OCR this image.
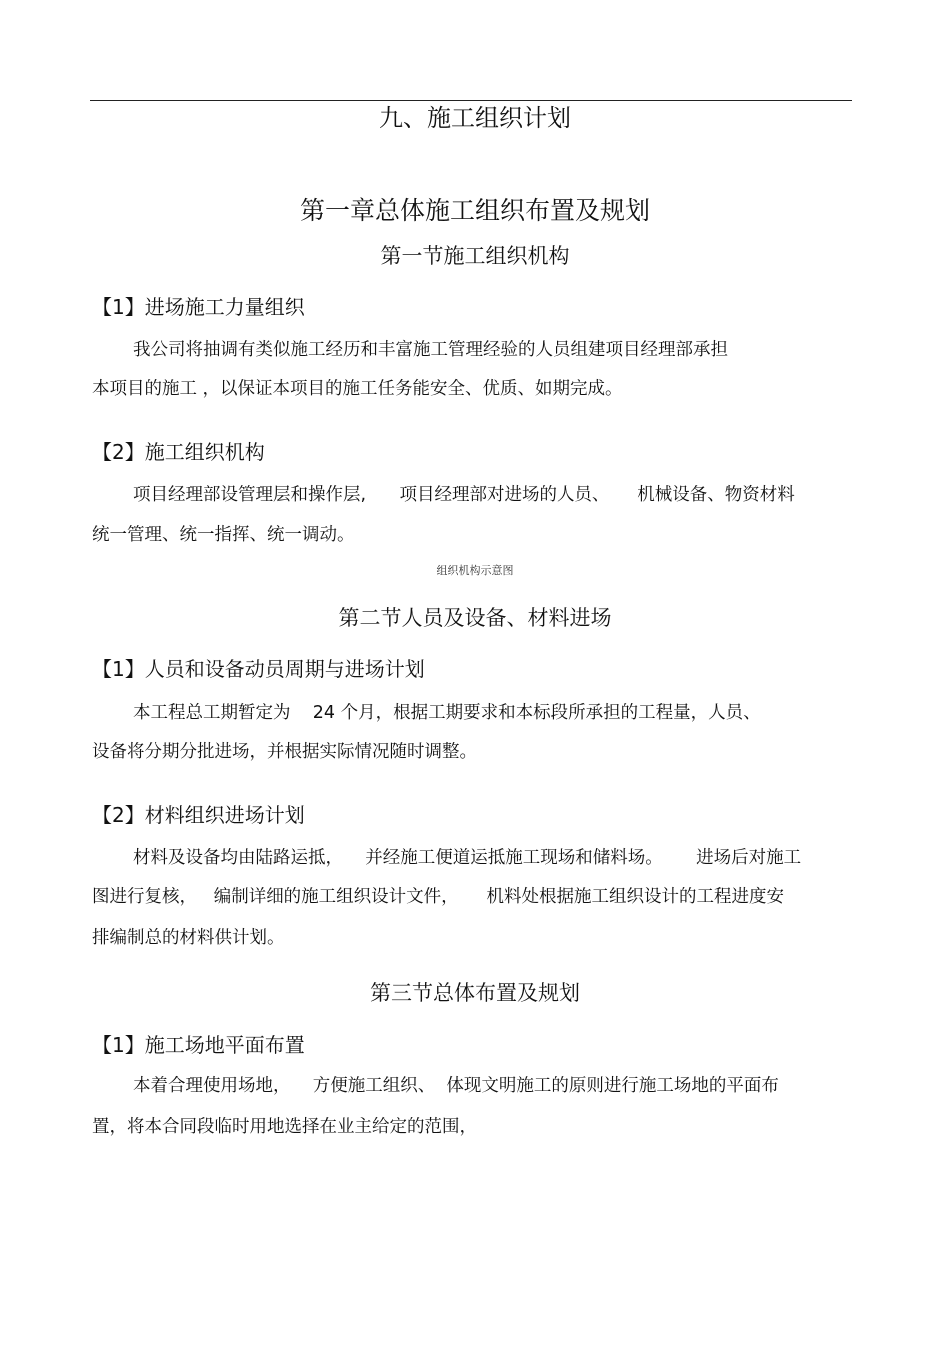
九、施工组织计划
第一章总体施工组织布置及规划
第一节施工组织机构
【1】进场施工力量组织
我公司将抽调有类似施工经历和丰富施工管理经验的人员组建项目经理部承担
本项目的施工 ，以保证本项目的施工任务能安全、优质、如期完成。
【2】施工组织机构
项目经理部设管理层和操作层,      项目经理部对进场的人员、     机械设备、物资材料
统一管理、统一指挥、统一调动。
组织机构示意图
第二节人员及设备、材料进场
【1】人员和设备动员周期与进场计划
本工程总工期暂定为    24 个月，根据工期要求和本标段所承担的工程量，人员、
设备将分期分批进场，并根据实际情况随时调整。
【2】材料组织进场计划
材料及设备均由陆路运抵，    并经施工便道运抵施工现场和储料场。      进场后对施工
图进行复核，   编制详细的施工组织设计文件，     机料处根据施工组织设计的工程进度安
排编制总的材料供计划。
第三节总体布置及规划
【1】施工场地平面布置
本着合理使用场地，    方便施工组织、  体现文明施工的原则进行施工场地的平面布
置，将本合同段临时用地选择在业主给定的范围，
